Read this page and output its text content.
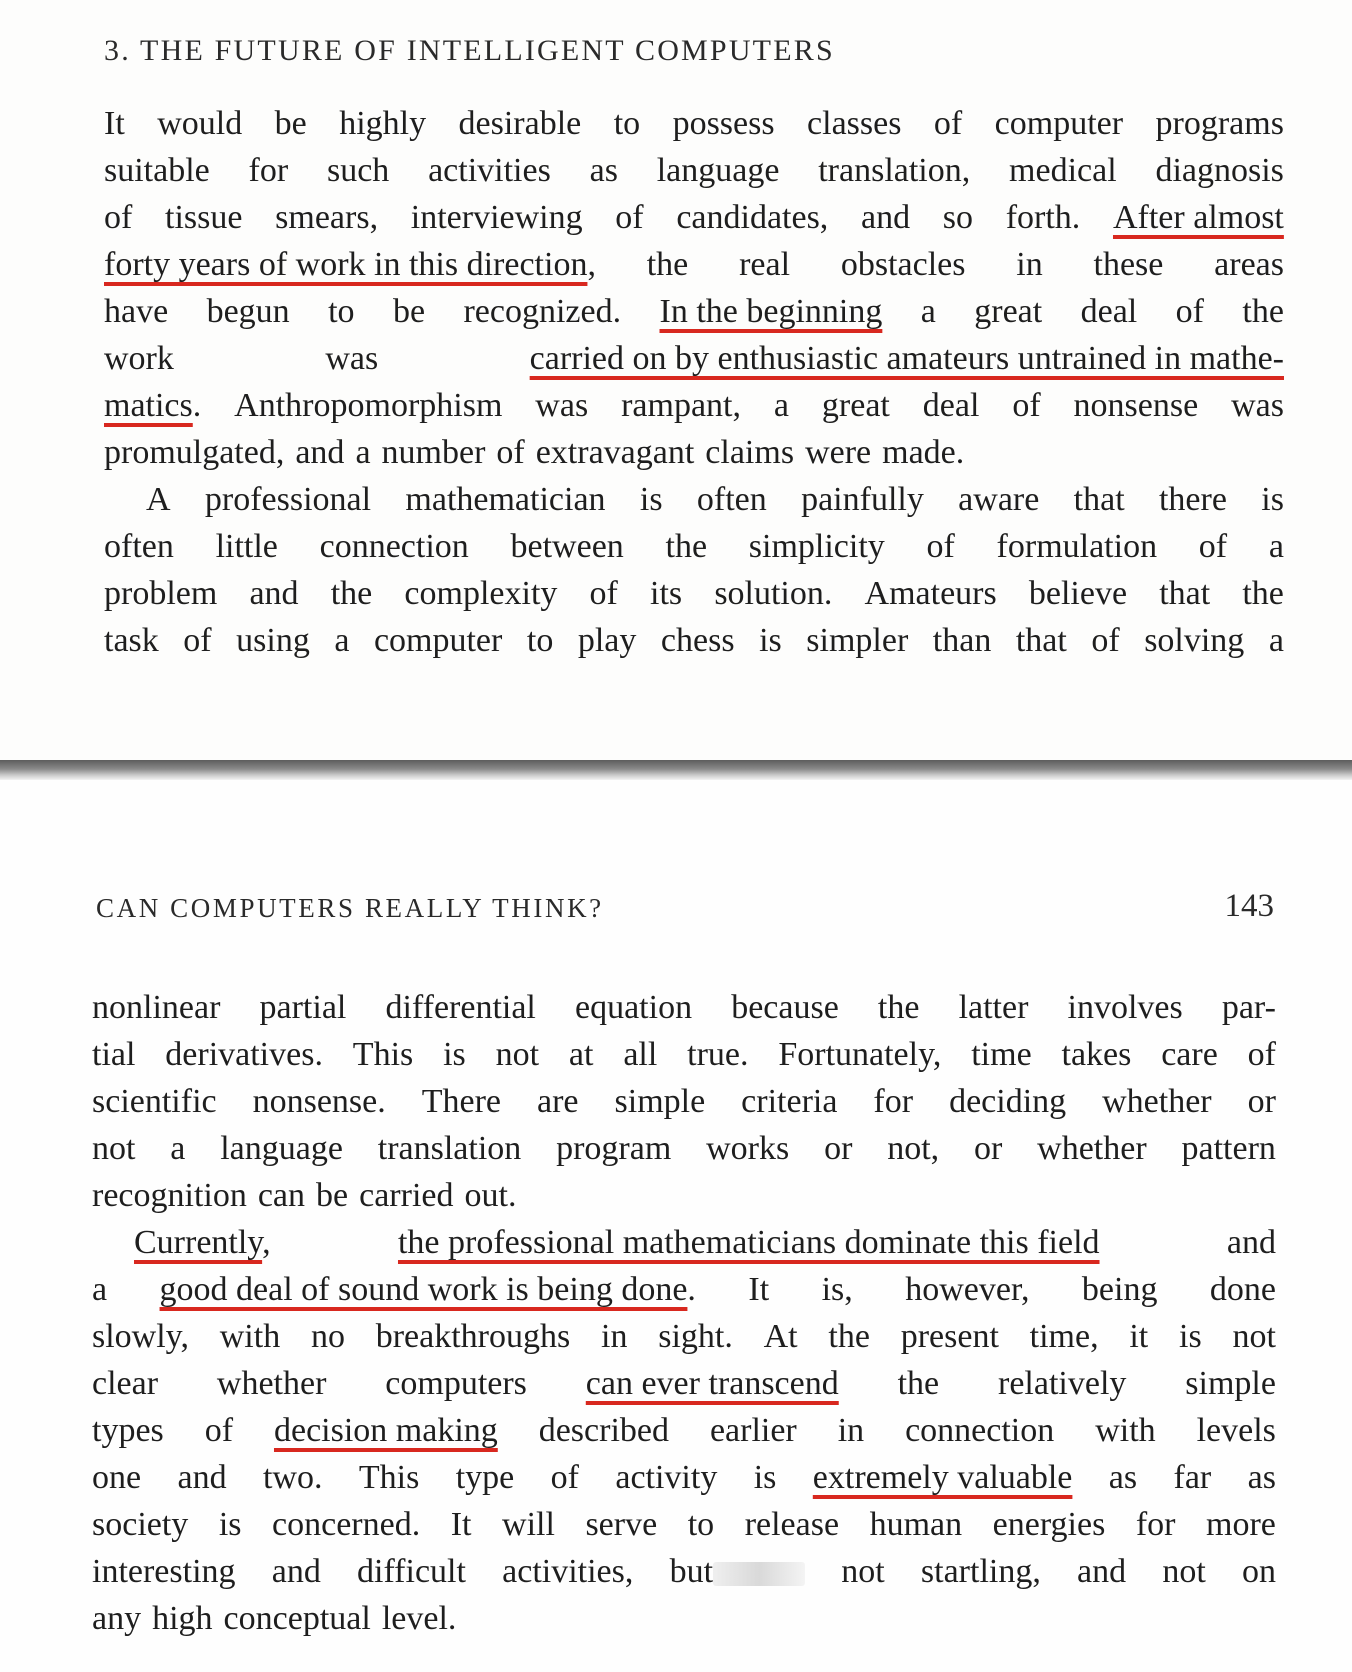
3. THE FUTURE OF INTELLIGENT COMPUTERS
It would be highly desirable to possess classes of computer programs
suitable for such activities as language translation, medical diagnosis
of tissue smears, interviewing of candidates, and so forth. After almost
forty years of work in this direction, the real obstacles in these areas
have begun to be recognized. In the beginning a great deal of the
work	was	carried on by enthusiastic amateurs untrained in mathe-
matics. Anthropomorphism was rampant, a great deal of nonsense was
promulgated, and a number of extravagant claims were made.
A professional mathematician is often painfully aware that there is
often little connection between the simplicity of formulation of a
problem and the complexity of its solution. Amateurs believe that the
task of using a computer to play chess is simpler than that of solving a
CAN COMPUTERS REALLY THINK?	143
nonlinear partial differential equation because the latter involves par-
tial derivatives. This is not at all true. Fortunately, time takes care of
scientific nonsense. There are simple criteria for deciding whether or
not a language translation program works or not, or whether pattern
recognition can be carried out.
Currently,	the professional mathematicians dominate this field	and
a good deal of sound work is being done. It is, however, being done
slowly, with no breakthroughs in sight. At the present time, it is not
clear whether computers can ever transcend the relatively simple
types of decision making described earlier in connection with levels
one and two. This type of activity is extremely valuable as far as
society is concerned. It will serve to release human energies for more
interesting and difficult activities, but	not startling, and not on
any high conceptual level.
